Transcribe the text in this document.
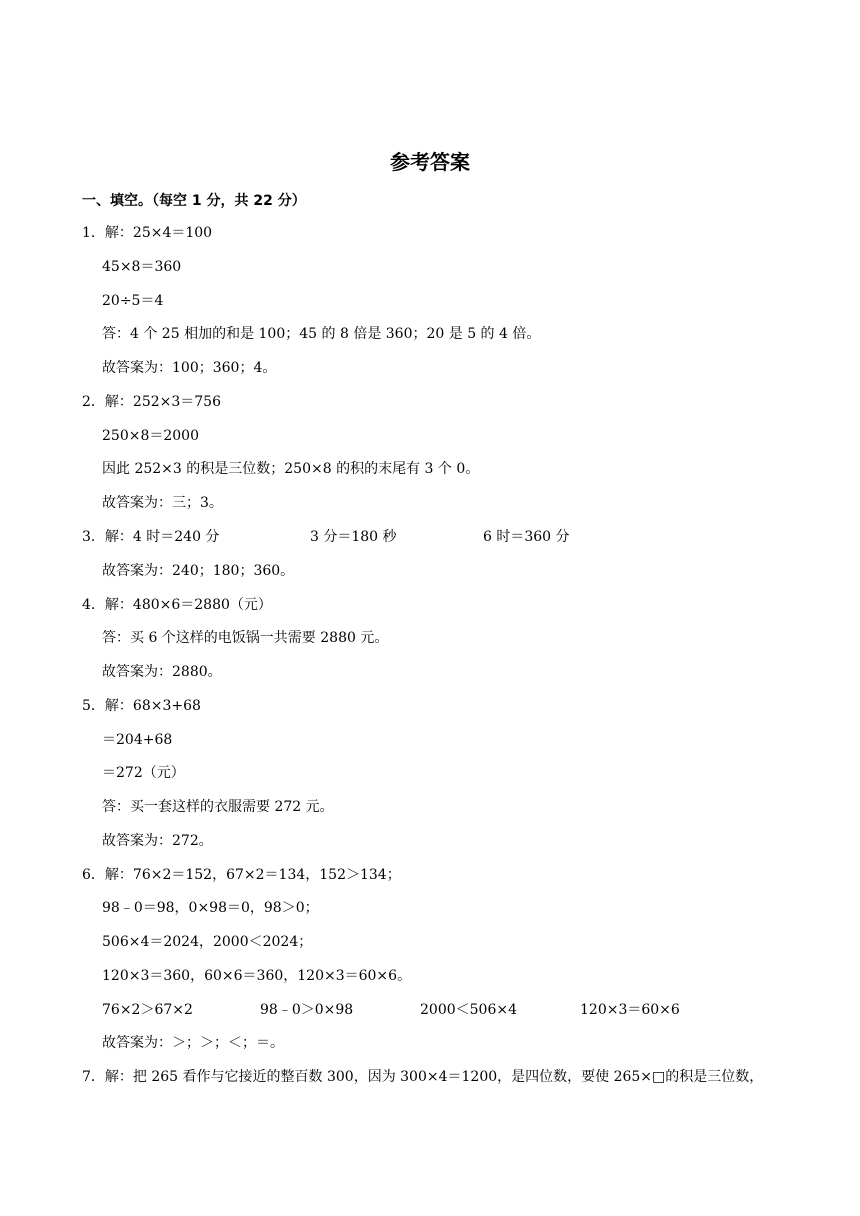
参考答案
一、填空。（每空 1 分，共 22 分）
1．解：25×4＝100
45×8＝360
20÷5＝4
答：4 个 25 相加的和是 100；45 的 8 倍是 360；20 是 5 的 4 倍。
故答案为：100；360；4。
2．解：252×3＝756
250×8＝2000
因此 252×3 的积是三位数；250×8 的积的末尾有 3 个 0。
故答案为：三；3。
3．解：4 时＝240 分	3 分＝180 秒	6 时＝360 分
故答案为：240；180；360。
4．解：480×6＝2880（元）
答：买 6 个这样的电饭锅一共需要 2880 元。
故答案为：2880。
5．解：68×3+68
＝204+68
＝272（元）
答：买一套这样的衣服需要 272 元。
故答案为：272。
6．解：76×2＝152，67×2＝134，152＞134；
98﹣0＝98，0×98＝0，98＞0；
506×4＝2024，2000＜2024；
120×3＝360，60×6＝360，120×3＝60×6。
76×2＞67×2	98﹣0＞0×98	2000＜506×4	120×3＝60×6
故答案为：＞；＞；＜；＝。
7．解：把 265 看作与它接近的整百数 300，因为 300×4＝1200，是四位数，要使 265×□的积是三位数，
